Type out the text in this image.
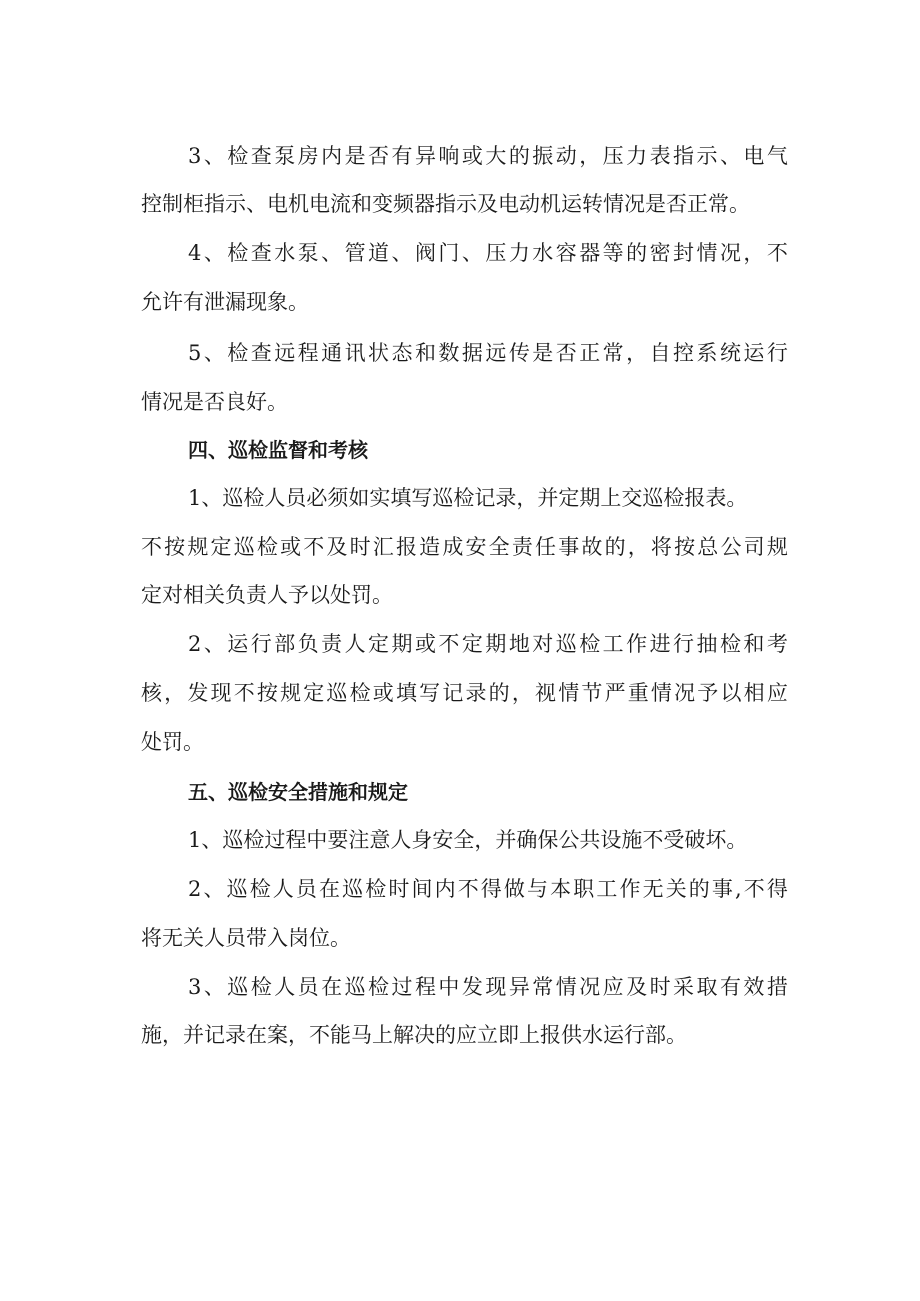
3、检查泵房内是否有异响或大的振动，压力表指示、电气
控制柜指示、电机电流和变频器指示及电动机运转情况是否正常。
4、检查水泵、管道、阀门、压力水容器等的密封情况，不
允许有泄漏现象。
5、检查远程通讯状态和数据远传是否正常，自控系统运行
情况是否良好。
四、巡检监督和考核
1、巡检人员必须如实填写巡检记录，并定期上交巡检报表。
不按规定巡检或不及时汇报造成安全责任事故的，将按总公司规
定对相关负责人予以处罚。
2、运行部负责人定期或不定期地对巡检工作进行抽检和考
核，发现不按规定巡检或填写记录的，视情节严重情况予以相应
处罚。
五、巡检安全措施和规定
1、巡检过程中要注意人身安全，并确保公共设施不受破坏。
2、巡检人员在巡检时间内不得做与本职工作无关的事,不得
将无关人员带入岗位。
3、巡检人员在巡检过程中发现异常情况应及时采取有效措
施，并记录在案，不能马上解决的应立即上报供水运行部。
